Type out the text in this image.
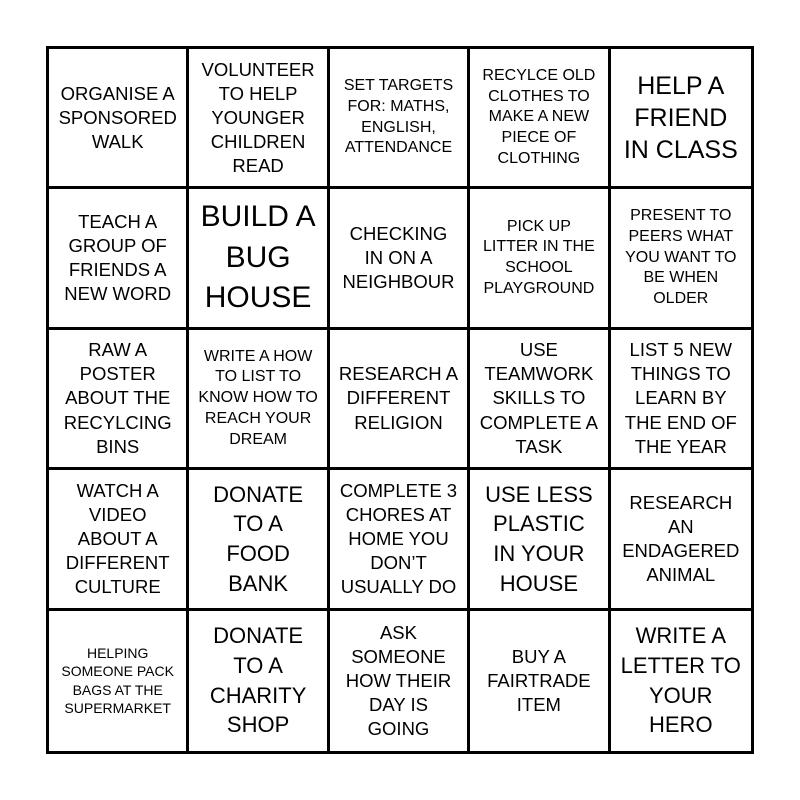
ORGANISE A SPONSORED WALK
VOLUNTEER TO HELP YOUNGER CHILDREN READ
SET TARGETS FOR: MATHS, ENGLISH, ATTENDANCE
RECYLCE OLD CLOTHES TO MAKE A NEW PIECE OF CLOTHING
HELP A FRIEND IN CLASS
TEACH A GROUP OF FRIENDS A NEW WORD
BUILD A BUG HOUSE
CHECKING IN ON A NEIGHBOUR
PICK UP LITTER IN THE SCHOOL PLAYGROUND
PRESENT TO PEERS WHAT YOU WANT TO BE WHEN OLDER
RAW A POSTER ABOUT THE RECYLCING BINS
WRITE A HOW TO LIST TO KNOW HOW TO REACH YOUR DREAM
RESEARCH A DIFFERENT RELIGION
USE TEAMWORK SKILLS TO COMPLETE A TASK
LIST 5 NEW THINGS TO LEARN BY THE END OF THE YEAR
WATCH A VIDEO ABOUT A DIFFERENT CULTURE
DONATE TO A FOOD BANK
COMPLETE 3 CHORES AT HOME YOU DON’T USUALLY DO
USE LESS PLASTIC IN YOUR HOUSE
RESEARCH AN ENDAGERED ANIMAL
HELPING SOMEONE PACK BAGS AT THE SUPERMARKET
DONATE TO A CHARITY SHOP
ASK SOMEONE HOW THEIR DAY IS GOING
BUY A FAIRTRADE ITEM
WRITE A LETTER TO YOUR HERO
